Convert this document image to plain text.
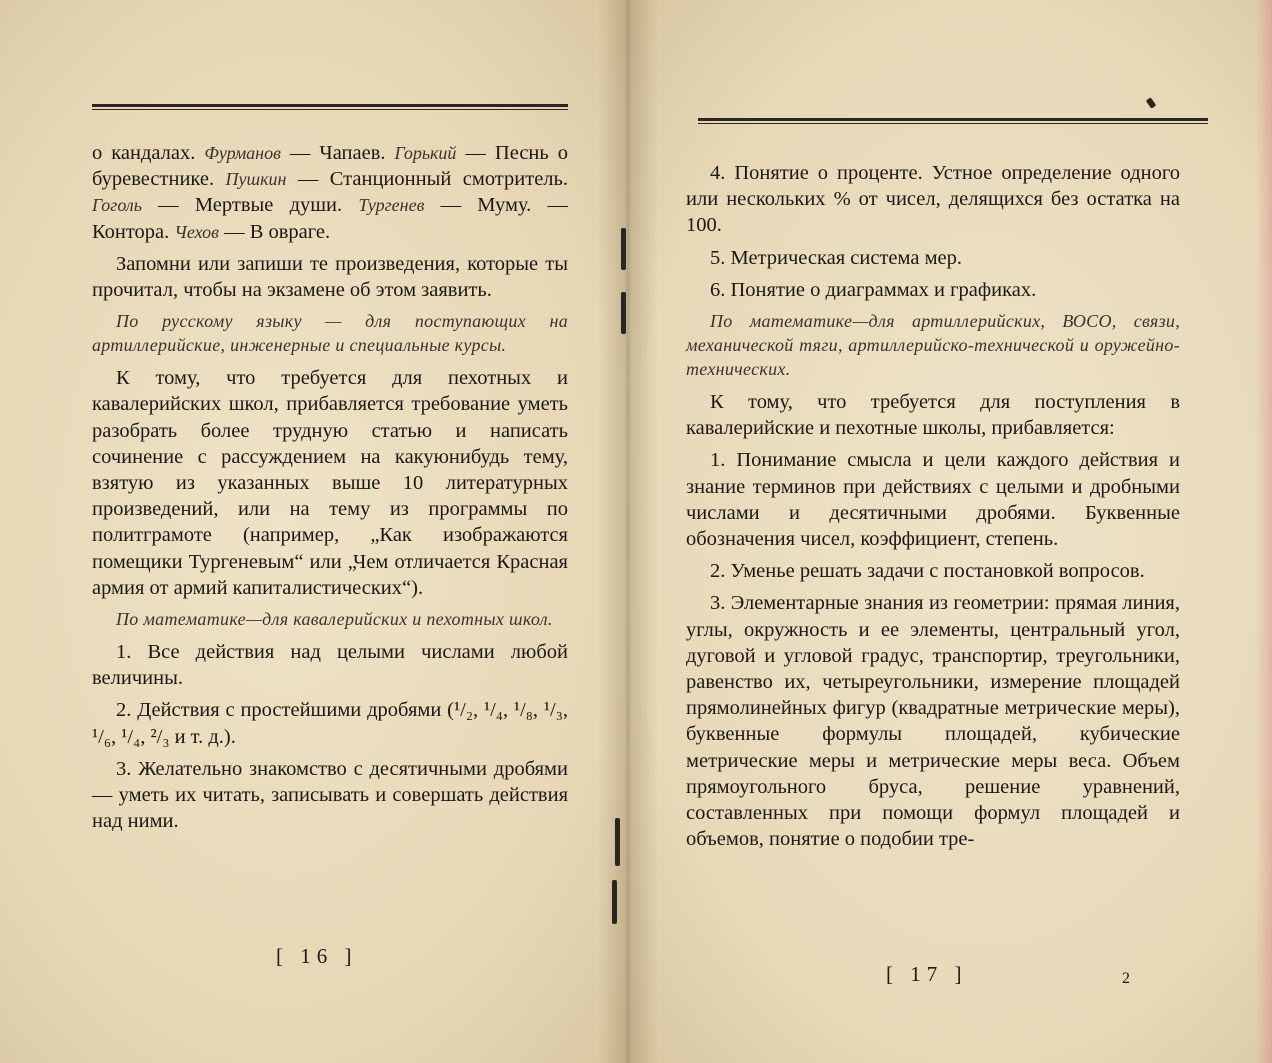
о кандалах. Фурманов — Чапаев. Горький — Песнь о буревестнике. Пушкин — Станционный смотритель. Гоголь — Мертвые души. Тургенев — Муму. — Контора. Чехов — В овраге.

Запомни или запиши те произведения, которые ты прочитал, чтобы на экзамене об этом заявить.

По русскому языку — для поступающих на артиллерийские, инженерные и специальные курсы.

К тому, что требуется для пехотных и кавалерийских школ, прибавляется требование уметь разобрать более трудную статью и написать сочинение с рассуждением на какуюнибудь тему, взятую из указанных выше 10 литературных произведений, или на тему из программы по политграмоте (например, „Как изображаются помещики Тургеневым“ или „Чем отличается Красная армия от армий капиталистических“).

По математике—для кавалерийских и пехотных школ.

1. Все действия над целыми числами любой величины.

2. Действия с простейшими дробями (¹/₂, ¹/₄, ¹/₈, ¹/₃, ¹/₆, ¹/₄, ²/₃ и т. д.).

3. Желательно знакомство с десятичными дробями — уметь их читать, записывать и совершать действия над ними.

[ 16 ]

4. Понятие о проценте. Устное определение одного или нескольких % от чисел, делящихся без остатка на 100.

5. Метрическая система мер.

6. Понятие о диаграммах и графиках.

По математике—для артиллерийских, ВОСО, связи, механической тяги, артиллерийско-технической и оружейно-технических.

К тому, что требуется для поступления в кавалерийские и пехотные школы, прибавляется:

1. Понимание смысла и цели каждого действия и знание терминов при действиях с целыми и дробными числами и десятичными дробями. Буквенные обозначения чисел, коэффициент, степень.

2. Уменье решать задачи с постановкой вопросов.

3. Элементарные знания из геометрии: прямая линия, углы, окружность и ее элементы, центральный угол, дуговой и угловой градус, транспортир, треугольники, равенство их, четыреугольники, измерение площадей прямолинейных фигур (квадратные метрические меры), буквенные формулы площадей, кубические метрические меры и метрические меры веса. Объем прямоугольного бруса, решение уравнений, составленных при помощи формул площадей и объемов, понятие о подобии тре-

[ 17 ]	2
